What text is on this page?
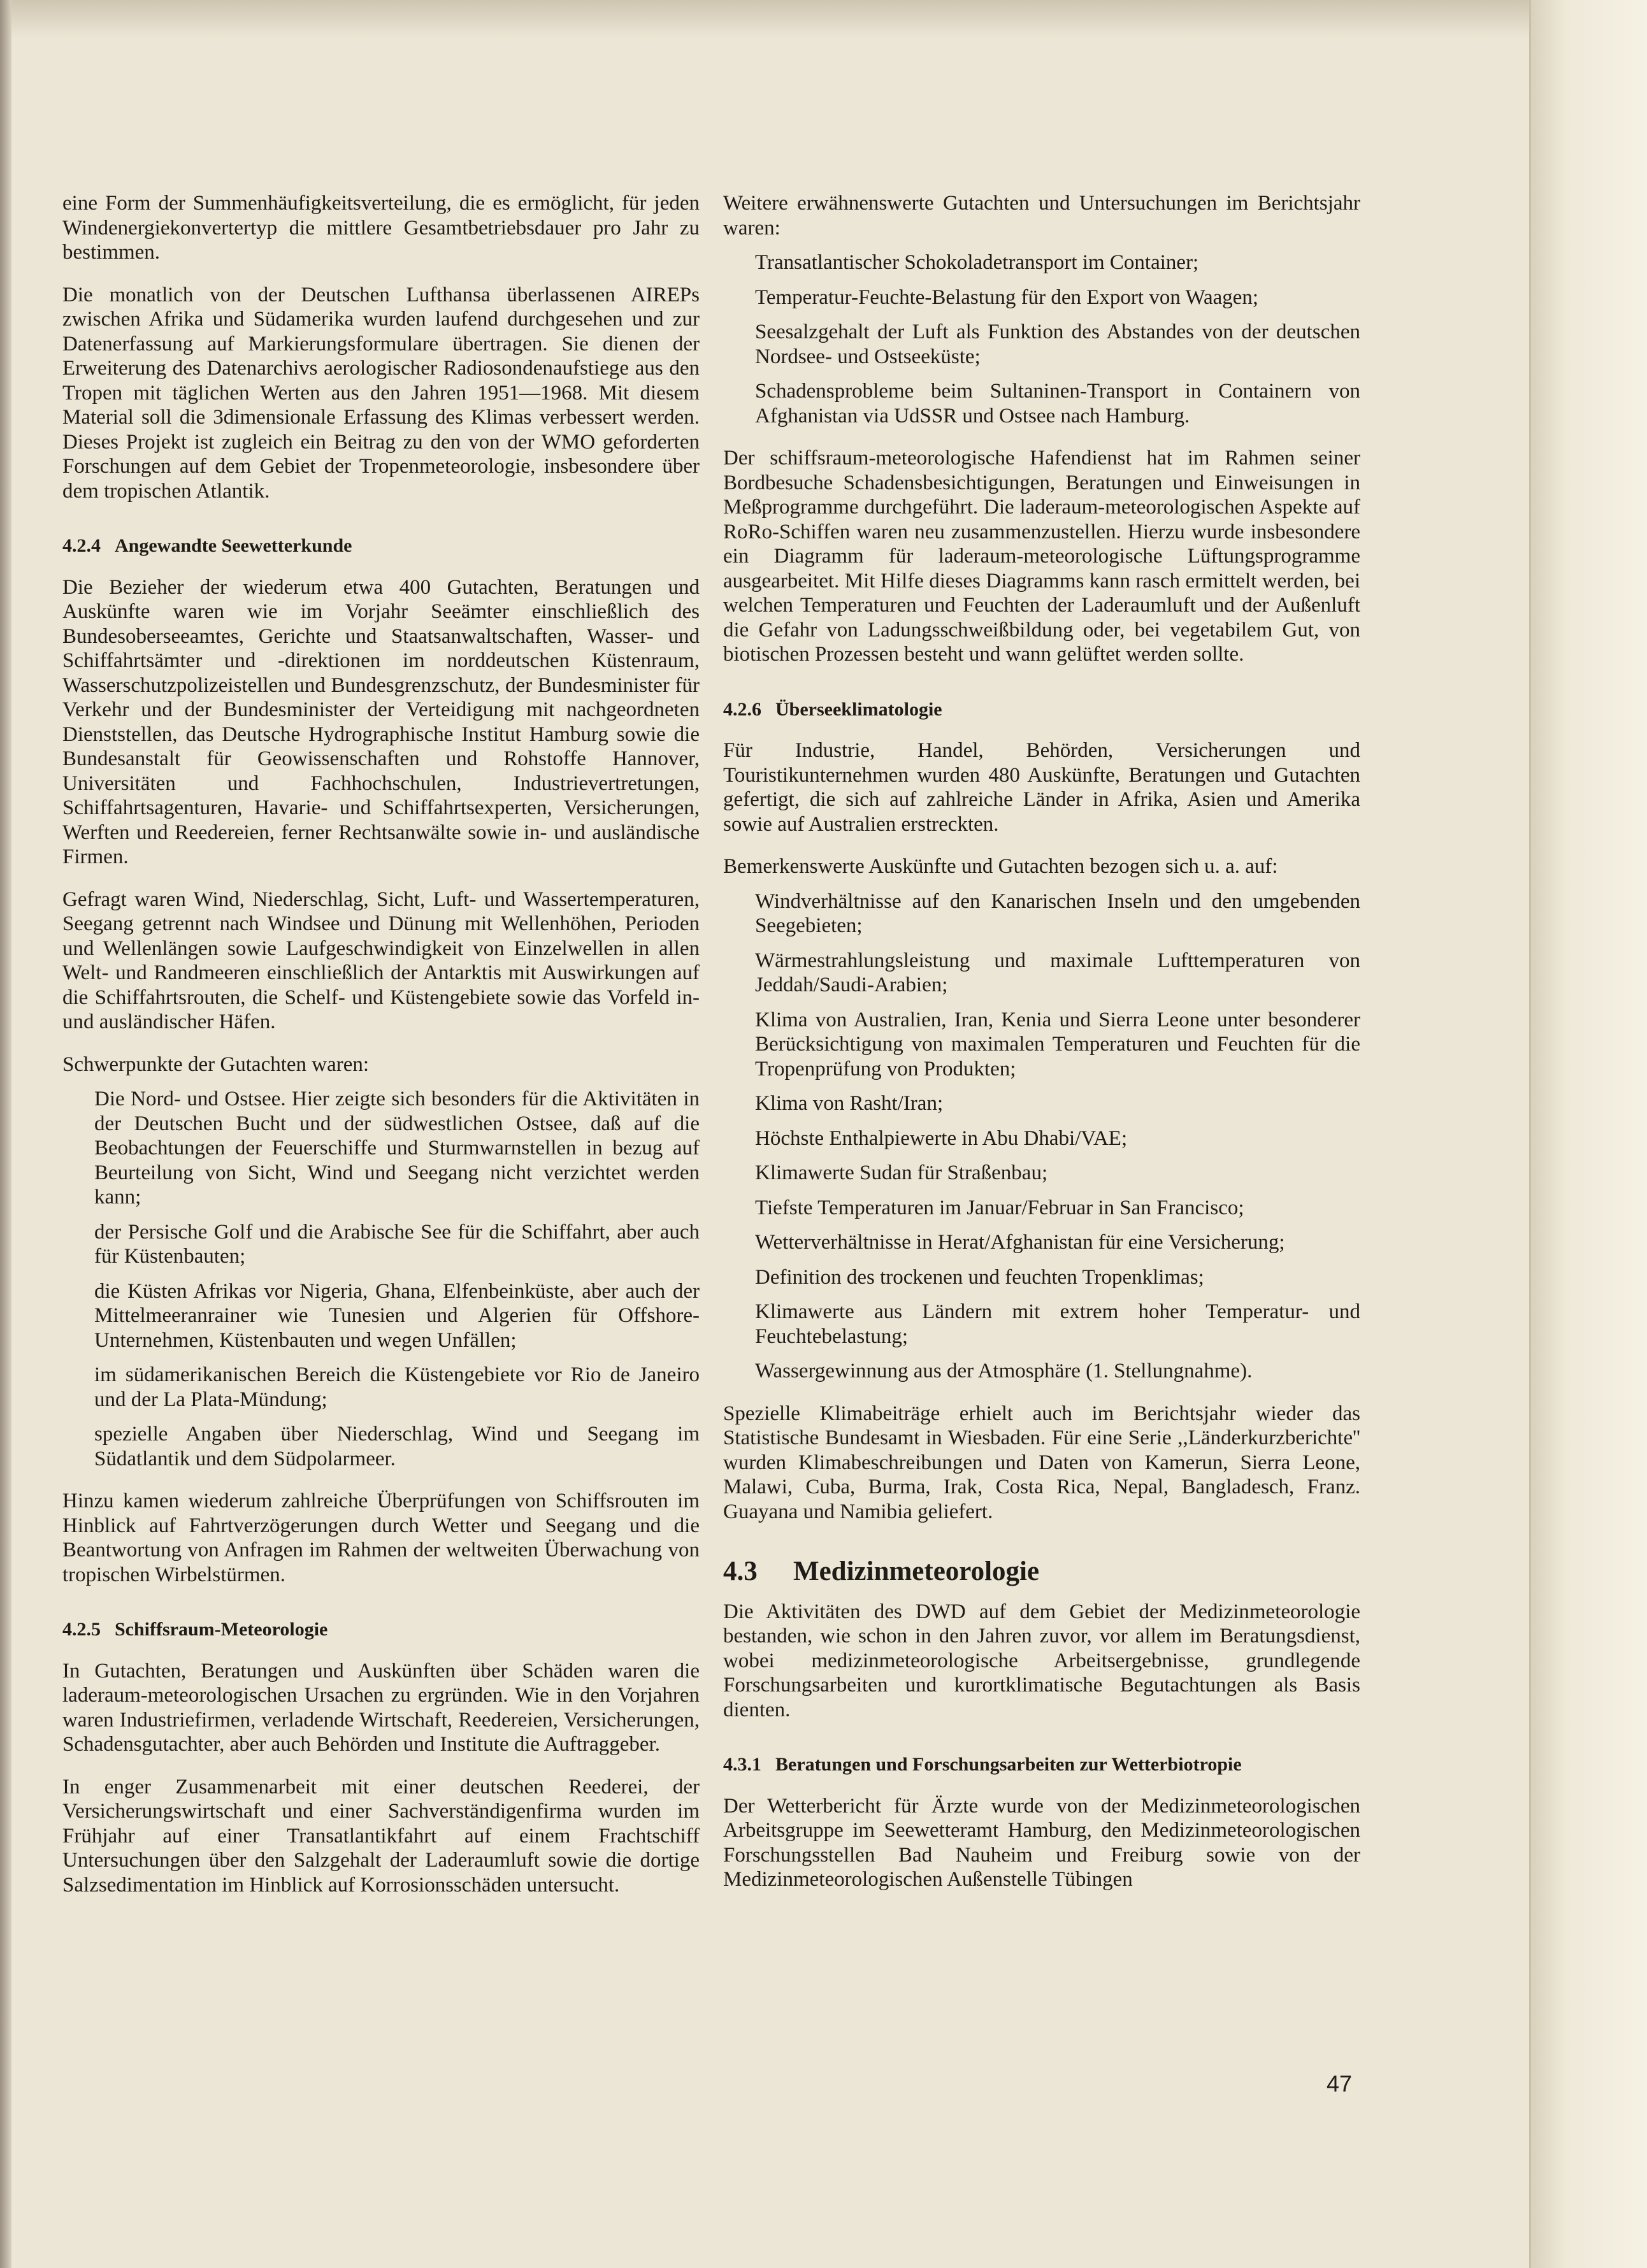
eine Form der Summenhäufigkeitsverteilung, die es ermöglicht, für jeden Windenergiekonvertertyp die mittlere Gesamtbetriebsdauer pro Jahr zu bestimmen.

Die monatlich von der Deutschen Lufthansa überlassenen AIREPs zwischen Afrika und Südamerika wurden laufend durchgesehen und zur Datenerfassung auf Markierungsformulare übertragen. Sie dienen der Erweiterung des Datenarchivs aerologischer Radiosondenaufstiege aus den Tropen mit täglichen Werten aus den Jahren 1951—1968. Mit diesem Material soll die 3dimensionale Erfassung des Klimas verbessert werden. Dieses Projekt ist zugleich ein Beitrag zu den von der WMO geforderten Forschungen auf dem Gebiet der Tropenmeteorologie, insbesondere über dem tropischen Atlantik.

4.2.4 Angewandte Seewetterkunde

Die Bezieher der wiederum etwa 400 Gutachten, Beratungen und Auskünfte waren wie im Vorjahr Seeämter einschließlich des Bundesoberseeamtes, Gerichte und Staatsanwaltschaften, Wasser- und Schiffahrtsämter und -direktionen im norddeutschen Küstenraum, Wasserschutzpolizeistellen und Bundesgrenzschutz, der Bundesminister für Verkehr und der Bundesminister der Verteidigung mit nachgeordneten Dienststellen, das Deutsche Hydrographische Institut Hamburg sowie die Bundesanstalt für Geowissenschaften und Rohstoffe Hannover, Universitäten und Fachhochschulen, Industrievertretungen, Schiffahrtsagenturen, Havarie- und Schiffahrtsexperten, Versicherungen, Werften und Reedereien, ferner Rechtsanwälte sowie in- und ausländische Firmen.

Gefragt waren Wind, Niederschlag, Sicht, Luft- und Wassertemperaturen, Seegang getrennt nach Windsee und Dünung mit Wellenhöhen, Perioden und Wellenlängen sowie Laufgeschwindigkeit von Einzelwellen in allen Welt- und Randmeeren einschließlich der Antarktis mit Auswirkungen auf die Schiffahrtsrouten, die Schelf- und Küstengebiete sowie das Vorfeld in- und ausländischer Häfen.

Schwerpunkte der Gutachten waren:

Die Nord- und Ostsee. Hier zeigte sich besonders für die Aktivitäten in der Deutschen Bucht und der südwestlichen Ostsee, daß auf die Beobachtungen der Feuerschiffe und Sturmwarnstellen in bezug auf Beurteilung von Sicht, Wind und Seegang nicht verzichtet werden kann;

der Persische Golf und die Arabische See für die Schiffahrt, aber auch für Küstenbauten;

die Küsten Afrikas vor Nigeria, Ghana, Elfenbeinküste, aber auch der Mittelmeeranrainer wie Tunesien und Algerien für Offshore-Unternehmen, Küstenbauten und wegen Unfällen;

im südamerikanischen Bereich die Küstengebiete vor Rio de Janeiro und der La Plata-Mündung;

spezielle Angaben über Niederschlag, Wind und Seegang im Südatlantik und dem Südpolarmeer.

Hinzu kamen wiederum zahlreiche Überprüfungen von Schiffsrouten im Hinblick auf Fahrtverzögerungen durch Wetter und Seegang und die Beantwortung von Anfragen im Rahmen der weltweiten Überwachung von tropischen Wirbelstürmen.

4.2.5 Schiffsraum-Meteorologie

In Gutachten, Beratungen und Auskünften über Schäden waren die laderaum-meteorologischen Ursachen zu ergründen. Wie in den Vorjahren waren Industriefirmen, verladende Wirtschaft, Reedereien, Versicherungen, Schadensgutachter, aber auch Behörden und Institute die Auftraggeber.

In enger Zusammenarbeit mit einer deutschen Reederei, der Versicherungswirtschaft und einer Sachverständigenfirma wurden im Frühjahr auf einer Transatlantikfahrt auf einem Frachtschiff Untersuchungen über den Salzgehalt der Laderaumluft sowie die dortige Salzsedimentation im Hinblick auf Korrosionsschäden untersucht.

Weitere erwähnenswerte Gutachten und Untersuchungen im Berichtsjahr waren:

Transatlantischer Schokoladetransport im Container;

Temperatur-Feuchte-Belastung für den Export von Waagen;

Seesalzgehalt der Luft als Funktion des Abstandes von der deutschen Nordsee- und Ostseeküste;

Schadensprobleme beim Sultaninen-Transport in Containern von Afghanistan via UdSSR und Ostsee nach Hamburg.

Der schiffsraum-meteorologische Hafendienst hat im Rahmen seiner Bordbesuche Schadensbesichtigungen, Beratungen und Einweisungen in Meßprogramme durchgeführt. Die laderaum-meteorologischen Aspekte auf RoRo-Schiffen waren neu zusammenzustellen. Hierzu wurde insbesondere ein Diagramm für laderaum-meteorologische Lüftungsprogramme ausgearbeitet. Mit Hilfe dieses Diagramms kann rasch ermittelt werden, bei welchen Temperaturen und Feuchten der Laderaumluft und der Außenluft die Gefahr von Ladungsschweißbildung oder, bei vegetabilem Gut, von biotischen Prozessen besteht und wann gelüftet werden sollte.

4.2.6 Überseeklimatologie

Für Industrie, Handel, Behörden, Versicherungen und Touristikunternehmen wurden 480 Auskünfte, Beratungen und Gutachten gefertigt, die sich auf zahlreiche Länder in Afrika, Asien und Amerika sowie auf Australien erstreckten.

Bemerkenswerte Auskünfte und Gutachten bezogen sich u. a. auf:

Windverhältnisse auf den Kanarischen Inseln und den umgebenden Seegebieten;

Wärmestrahlungsleistung und maximale Lufttemperaturen von Jeddah/Saudi-Arabien;

Klima von Australien, Iran, Kenia und Sierra Leone unter besonderer Berücksichtigung von maximalen Temperaturen und Feuchten für die Tropenprüfung von Produkten;

Klima von Rasht/Iran;

Höchste Enthalpiewerte in Abu Dhabi/VAE;

Klimawerte Sudan für Straßenbau;

Tiefste Temperaturen im Januar/Februar in San Francisco;

Wetterverhältnisse in Herat/Afghanistan für eine Versicherung;

Definition des trockenen und feuchten Tropenklimas;

Klimawerte aus Ländern mit extrem hoher Temperatur- und Feuchtebelastung;

Wassergewinnung aus der Atmosphäre (1. Stellungnahme).

Spezielle Klimabeiträge erhielt auch im Berichtsjahr wieder das Statistische Bundesamt in Wiesbaden. Für eine Serie ,,Länderkurzberichte'' wurden Klimabeschreibungen und Daten von Kamerun, Sierra Leone, Malawi, Cuba, Burma, Irak, Costa Rica, Nepal, Bangladesch, Franz. Guayana und Namibia geliefert.

4.3 Medizinmeteorologie

Die Aktivitäten des DWD auf dem Gebiet der Medizinmeteorologie bestanden, wie schon in den Jahren zuvor, vor allem im Beratungsdienst, wobei medizinmeteorologische Arbeitsergebnisse, grundlegende Forschungsarbeiten und kurortklimatische Begutachtungen als Basis dienten.

4.3.1 Beratungen und Forschungsarbeiten zur Wetterbiotropie

Der Wetterbericht für Ärzte wurde von der Medizinmeteorologischen Arbeitsgruppe im Seewetteramt Hamburg, den Medizinmeteorologischen Forschungsstellen Bad Nauheim und Freiburg sowie von der Medizinmeteorologischen Außenstelle Tübingen

47
